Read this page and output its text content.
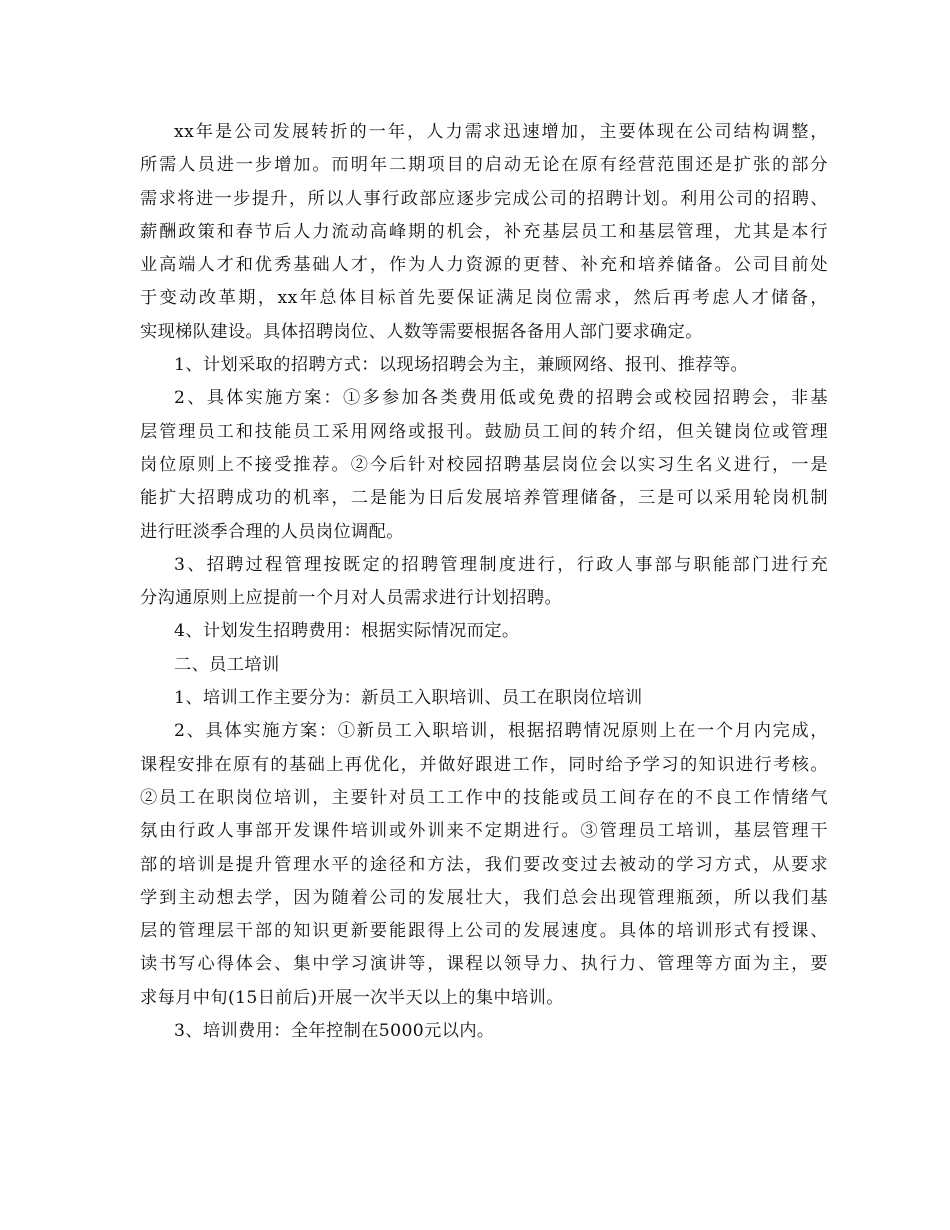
xx年是公司发展转折的一年，人力需求迅速增加，主要体现在公司结构调整，
所需人员进一步增加。而明年二期项目的启动无论在原有经营范围还是扩张的部分
需求将进一步提升，所以人事行政部应逐步完成公司的招聘计划。利用公司的招聘、
薪酬政策和春节后人力流动高峰期的机会，补充基层员工和基层管理，尤其是本行
业高端人才和优秀基础人才，作为人力资源的更替、补充和培养储备。公司目前处
于变动改革期，xx年总体目标首先要保证满足岗位需求，然后再考虑人才储备，
实现梯队建设。具体招聘岗位、人数等需要根据各备用人部门要求确定。
1、计划采取的招聘方式：以现场招聘会为主，兼顾网络、报刊、推荐等。
2、具体实施方案：①多参加各类费用低或免费的招聘会或校园招聘会，非基
层管理员工和技能员工采用网络或报刊。鼓励员工间的转介绍，但关键岗位或管理
岗位原则上不接受推荐。②今后针对校园招聘基层岗位会以实习生名义进行，一是
能扩大招聘成功的机率，二是能为日后发展培养管理储备，三是可以采用轮岗机制
进行旺淡季合理的人员岗位调配。
3、招聘过程管理按既定的招聘管理制度进行，行政人事部与职能部门进行充
分沟通原则上应提前一个月对人员需求进行计划招聘。
4、计划发生招聘费用：根据实际情况而定。
二、员工培训
1、培训工作主要分为：新员工入职培训、员工在职岗位培训
2、具体实施方案：①新员工入职培训，根据招聘情况原则上在一个月内完成，
课程安排在原有的基础上再优化，并做好跟进工作，同时给予学习的知识进行考核。
②员工在职岗位培训，主要针对员工工作中的技能或员工间存在的不良工作情绪气
氛由行政人事部开发课件培训或外训来不定期进行。③管理员工培训，基层管理干
部的培训是提升管理水平的途径和方法，我们要改变过去被动的学习方式，从要求
学到主动想去学，因为随着公司的发展壮大，我们总会出现管理瓶颈，所以我们基
层的管理层干部的知识更新要能跟得上公司的发展速度。具体的培训形式有授课、
读书写心得体会、集中学习演讲等，课程以领导力、执行力、管理等方面为主，要
求每月中旬(15日前后)开展一次半天以上的集中培训。
3、培训费用：全年控制在5000元以内。
